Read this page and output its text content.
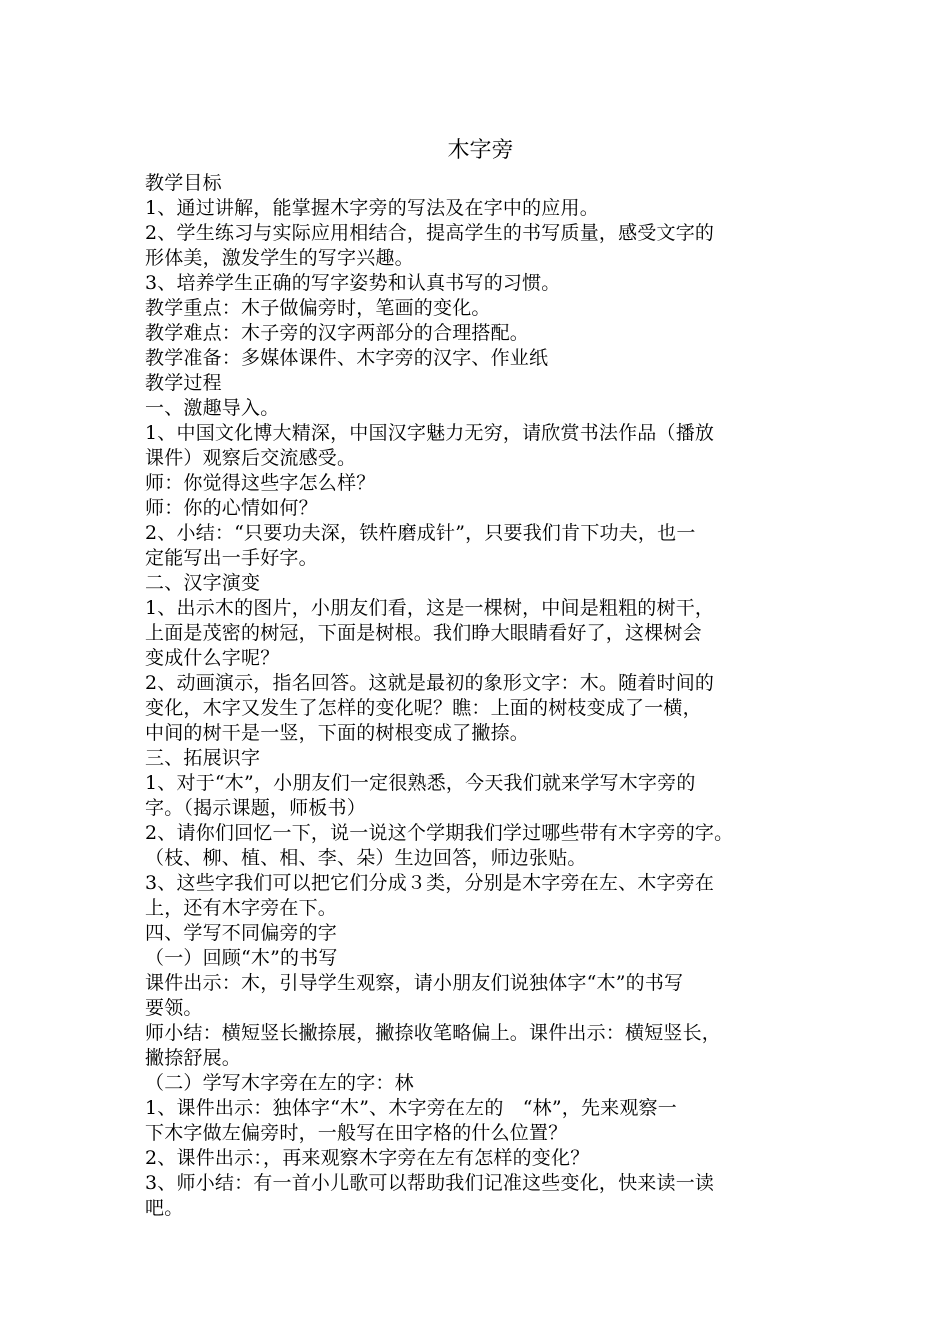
木字旁

教学目标

1、通过讲解，能掌握木字旁的写法及在字中的应用。

2、学生练习与实际应用相结合，提高学生的书写质量，感受文字的

形体美，激发学生的写字兴趣。

3、培养学生正确的写字姿势和认真书写的习惯。

教学重点：木子做偏旁时，笔画的变化。

教学难点：木子旁的汉字两部分的合理搭配。

教学准备：多媒体课件、木字旁的汉字、作业纸

教学过程

一、激趣导入。

1、中国文化博大精深，中国汉字魅力无穷，请欣赏书法作品（播放

课件）观察后交流感受。

师：你觉得这些字怎么样？

师：你的心情如何？

2、小结：“只要功夫深，铁杵磨成针”，只要我们肯下功夫，也一

定能写出一手好字。

二、汉字演变

1、出示木的图片，小朋友们看，这是一棵树，中间是粗粗的树干，

上面是茂密的树冠，下面是树根。我们睁大眼睛看好了，这棵树会

变成什么字呢？

2、动画演示，指名回答。这就是最初的象形文字：木。随着时间的

变化，木字又发生了怎样的变化呢？瞧：上面的树枝变成了一横，

中间的树干是一竖，下面的树根变成了撇捺。

三、拓展识字

1、对于“木”，小朋友们一定很熟悉，今天我们就来学写木字旁的

字。（揭示课题，师板书）

2、请你们回忆一下，说一说这个学期我们学过哪些带有木字旁的字。

（枝、柳、植、相、李、朵）生边回答，师边张贴。

3、这些字我们可以把它们分成３类，分别是木字旁在左、木字旁在

上，还有木字旁在下。

四、学写不同偏旁的字

（一）回顾“木”的书写

课件出示：木，引导学生观察，请小朋友们说独体字“木”的书写

要领。

师小结：横短竖长撇捺展，撇捺收笔略偏上。课件出示：横短竖长，

撇捺舒展。

（二）学写木字旁在左的字：林

1、课件出示：独体字“木”、木字旁在左的　“林”，先来观察一

下木字做左偏旁时，一般写在田字格的什么位置？

2、课件出示：，再来观察木字旁在左有怎样的变化？

3、师小结：有一首小儿歌可以帮助我们记准这些变化，快来读一读

吧。
